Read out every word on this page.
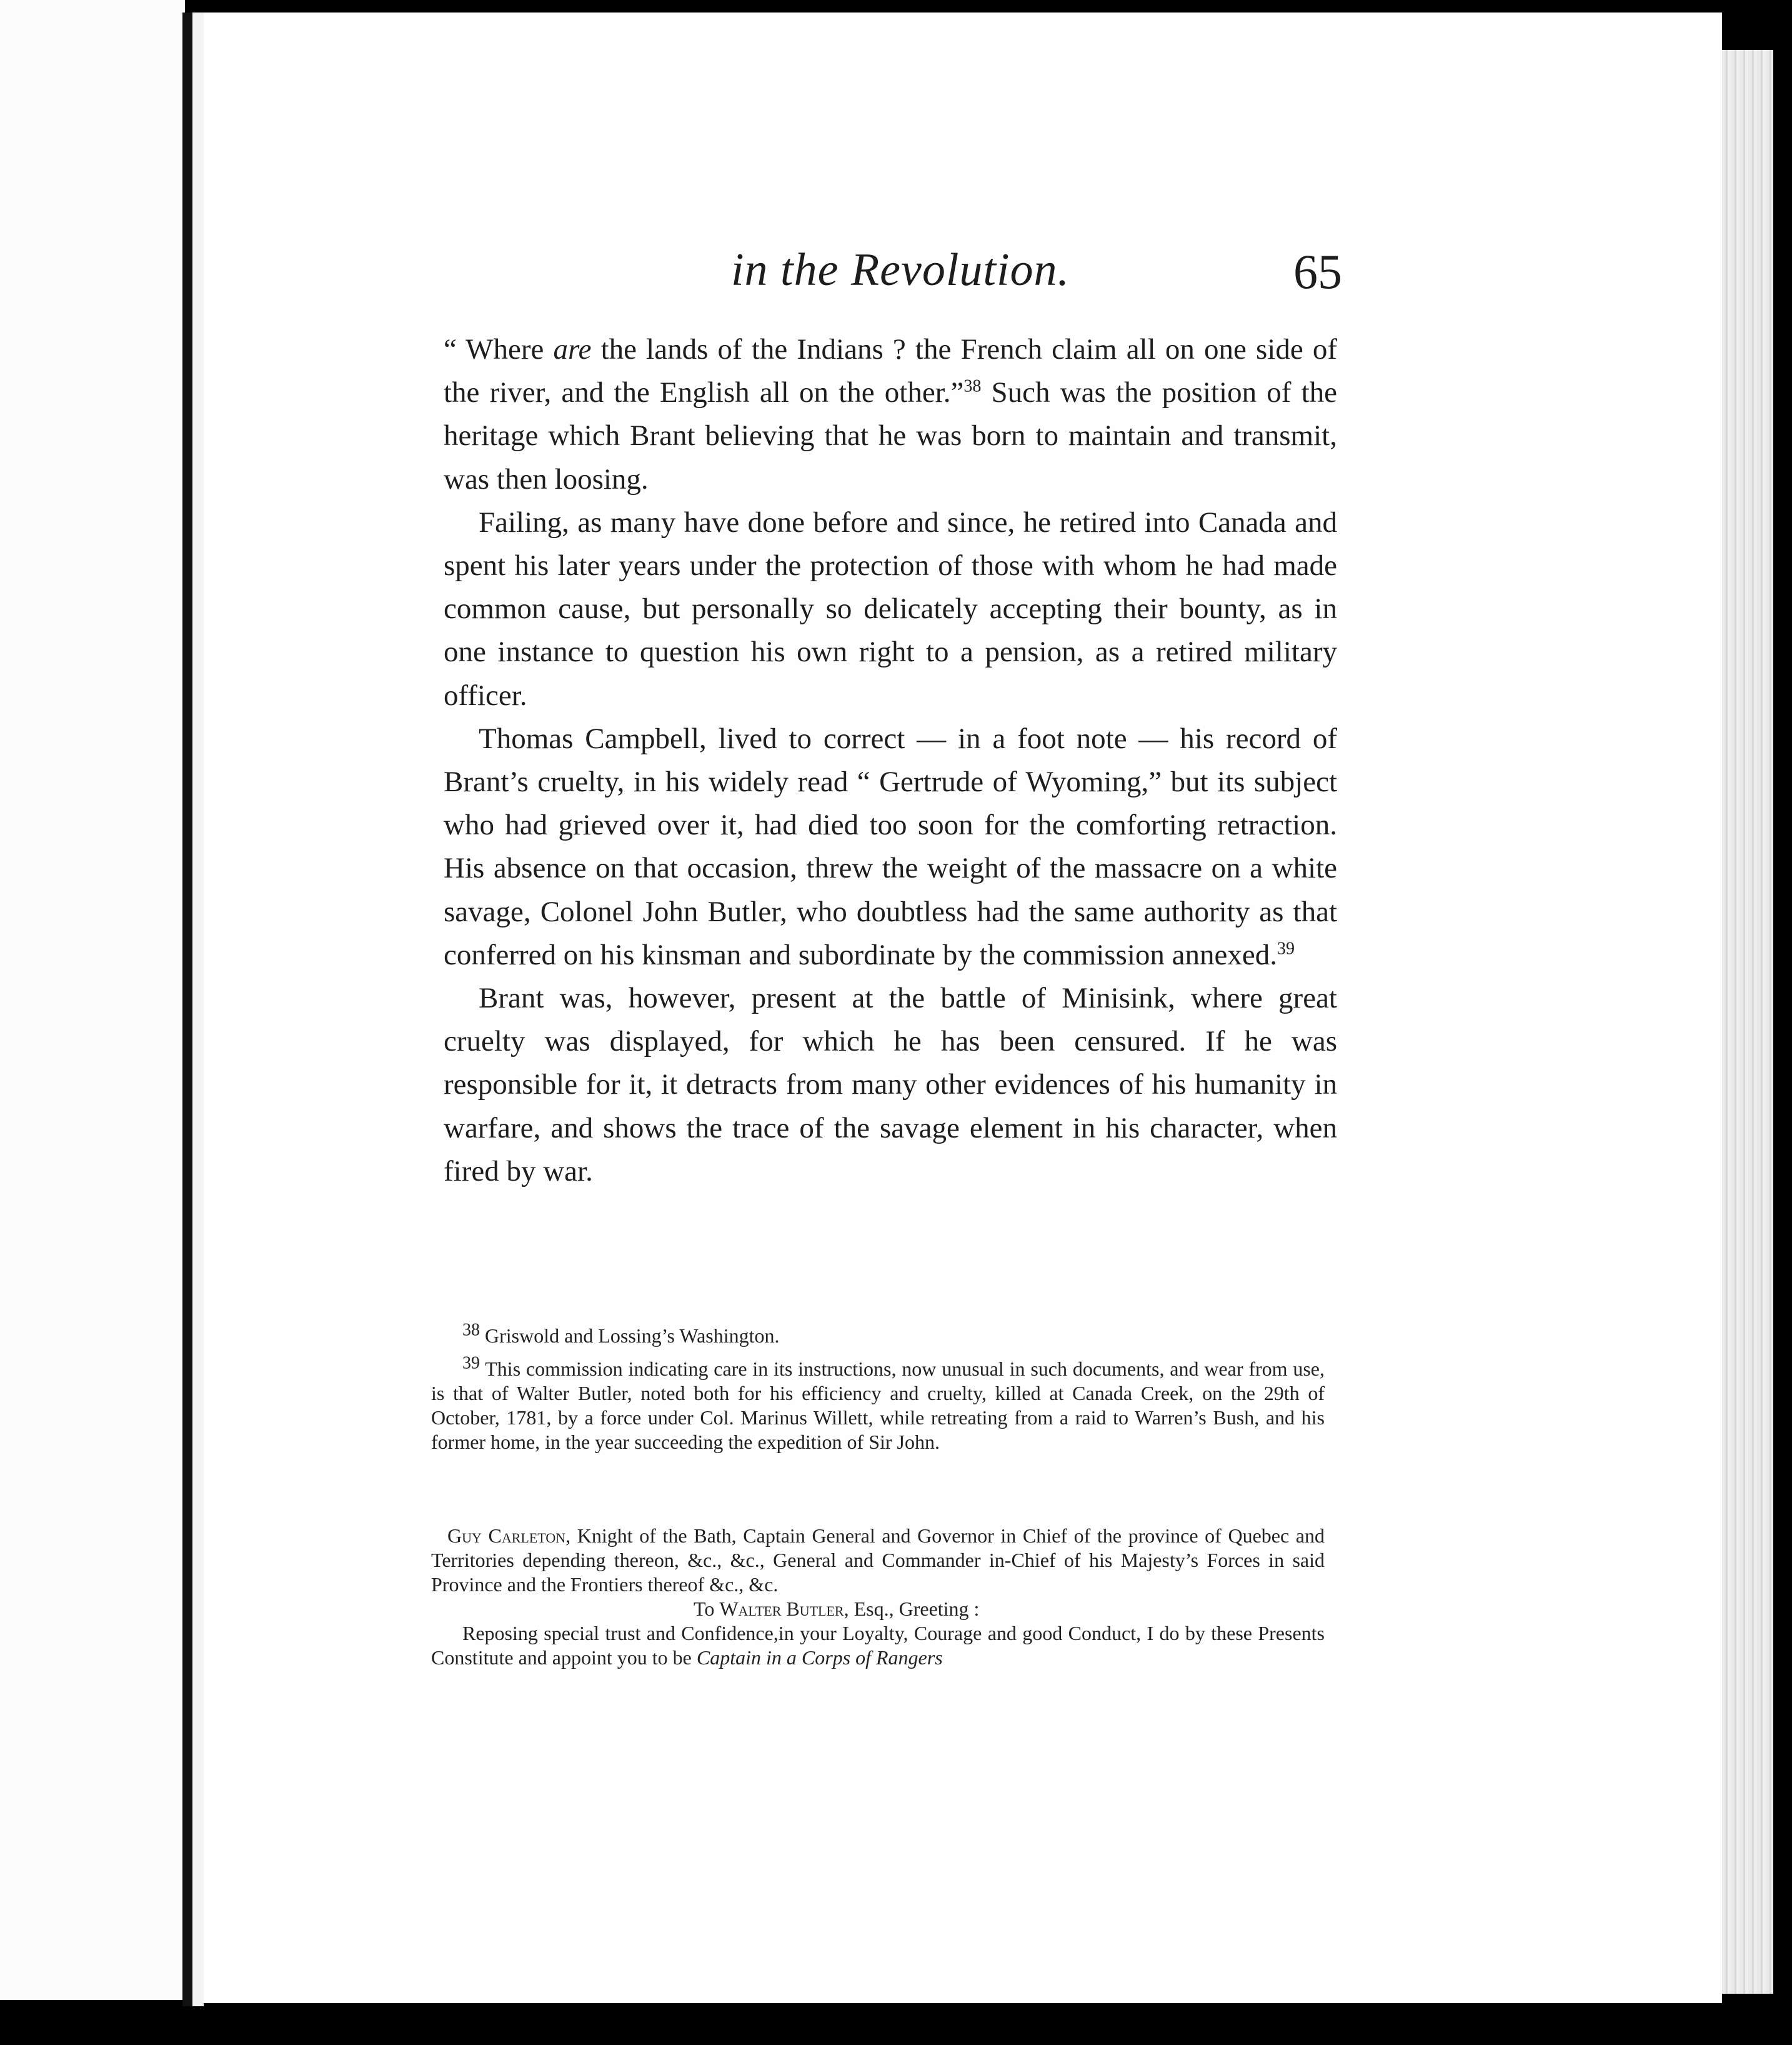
in the Revolution.	65

“ Where are the lands of the Indians ? the French claim all on one side of the river, and the English all on the other.”$^{38}$ Such was the position of the heritage which Brant believing that he was born to maintain and transmit, was then loosing.

Failing, as many have done before and since, he retired into Canada and spent his later years under the protection of those with whom he had made common cause, but personally so delicately accepting their bounty, as in one instance to question his own right to a pension, as a retired military officer.

Thomas Campbell, lived to correct — in a foot note — his record of Brant’s cruelty, in his widely read “ Gertrude of Wyoming,” but its subject who had grieved over it, had died too soon for the comforting retraction. His absence on that occasion, threw the weight of the massacre on a white savage, Colonel John Butler, who doubtless had the same authority as that conferred on his kinsman and subordinate by the commission annexed.$^{39}$

Brant was, however, present at the battle of Minisink, where great cruelty was displayed, for which he has been censured. If he was responsible for it, it detracts from many other evidences of his humanity in warfare, and shows the trace of the savage element in his character, when fired by war.

$^{38}$ Griswold and Lossing’s Washington.

$^{39}$ This commission indicating care in its instructions, now unusual in such documents, and wear from use, is that of Walter Butler, noted both for his efficiency and cruelty, killed at Canada Creek, on the 29th of October, 1781, by a force under Col. Marinus Willett, while retreating from a raid to Warren’s Bush, and his former home, in the year succeeding the expedition of Sir John.

Guy Carleton, Knight of the Bath, Captain General and Governor in Chief of the province of Quebec and Territories depending thereon, &c., &c., General and Commander in-Chief of his Majesty’s Forces in said Province and the Frontiers thereof &c., &c.

To Walter Butler, Esq., Greeting :

Reposing special trust and Confidence,in your Loyalty, Courage and good Conduct, I do by these Presents Constitute and appoint you to be Captain in a Corps of Rangers
